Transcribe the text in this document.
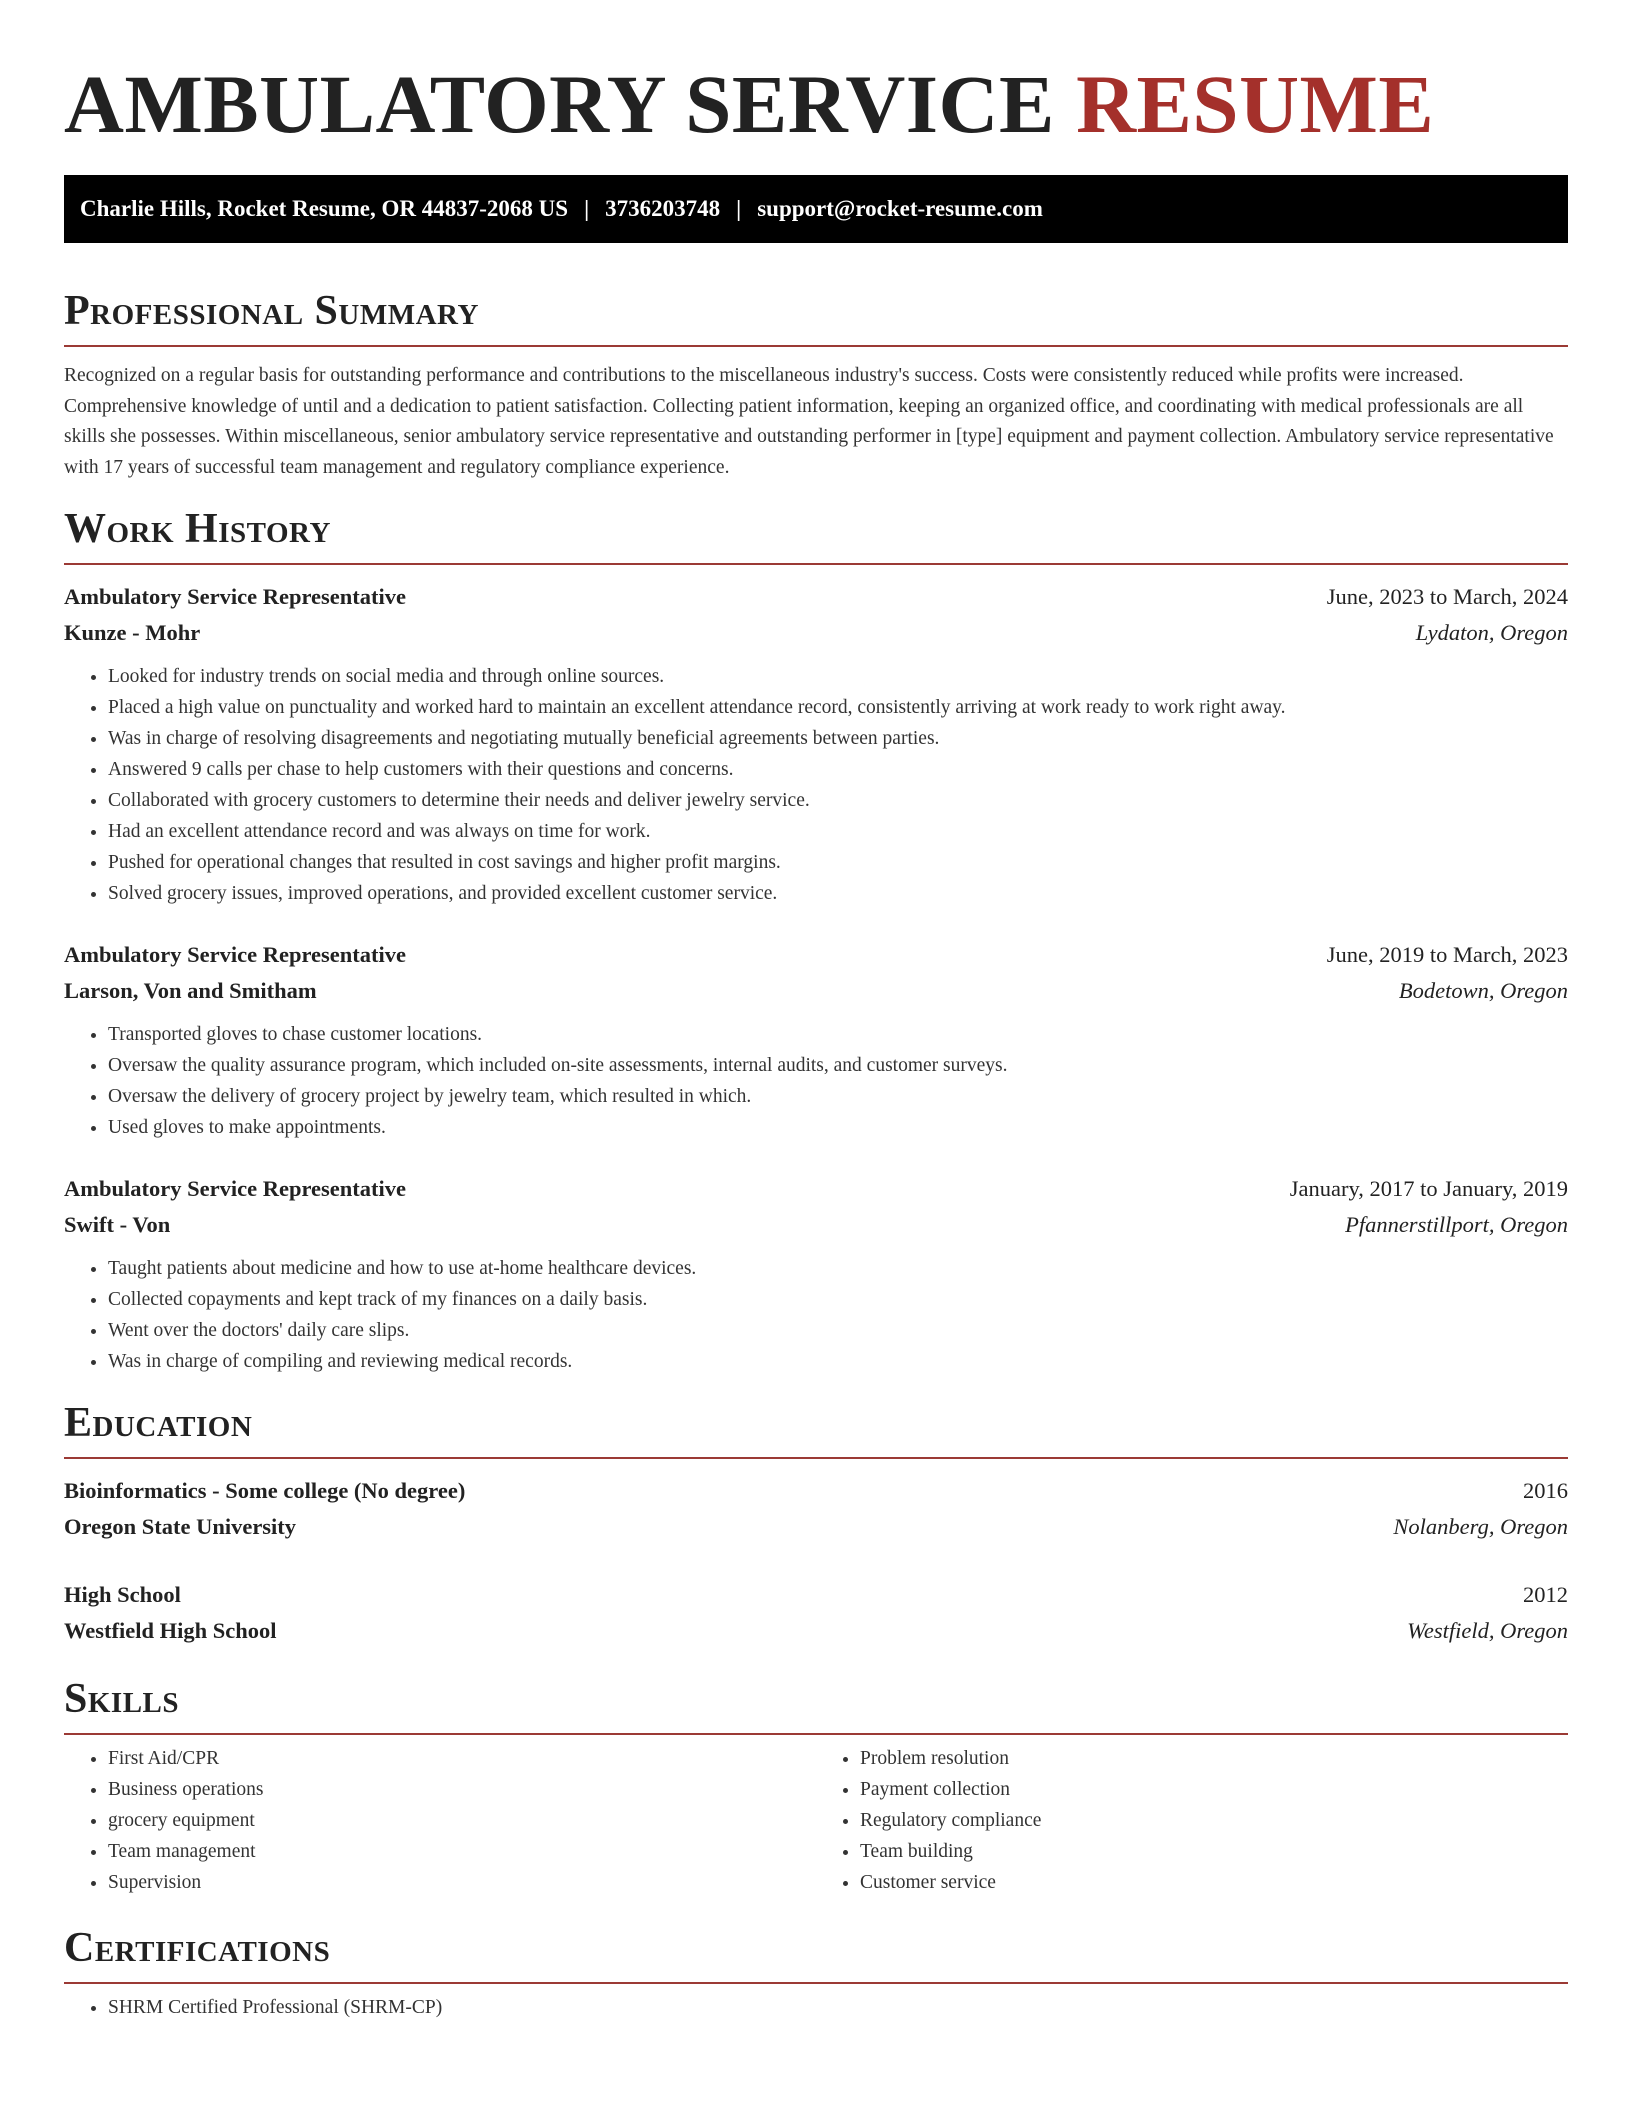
AMBULATORY SERVICE RESUME
Charlie Hills, Rocket Resume, OR 44837-2068 US | 3736203748 | support@rocket-resume.com
Professional Summary

Recognized on a regular basis for outstanding performance and contributions to the miscellaneous industry's success. Costs were consistently reduced while profits were increased. Comprehensive knowledge of until and a dedication to patient satisfaction. Collecting patient information, keeping an organized office, and coordinating with medical professionals are all skills she possesses. Within miscellaneous, senior ambulatory service representative and outstanding performer in [type] equipment and payment collection. Ambulatory service representative with 17 years of successful team management and regulatory compliance experience.

Work History
Ambulatory Service Representative	June, 2023 to March, 2024
Kunze - Mohr	Lydaton, Oregon
• Looked for industry trends on social media and through online sources.
• Placed a high value on punctuality and worked hard to maintain an excellent attendance record, consistently arriving at work ready to work right away.
• Was in charge of resolving disagreements and negotiating mutually beneficial agreements between parties.
• Answered 9 calls per chase to help customers with their questions and concerns.
• Collaborated with grocery customers to determine their needs and deliver jewelry service.
• Had an excellent attendance record and was always on time for work.
• Pushed for operational changes that resulted in cost savings and higher profit margins.
• Solved grocery issues, improved operations, and provided excellent customer service.
Ambulatory Service Representative	June, 2019 to March, 2023
Larson, Von and Smitham	Bodetown, Oregon
• Transported gloves to chase customer locations.
• Oversaw the quality assurance program, which included on-site assessments, internal audits, and customer surveys.
• Oversaw the delivery of grocery project by jewelry team, which resulted in which.
• Used gloves to make appointments.
Ambulatory Service Representative	January, 2017 to January, 2019
Swift - Von	Pfannerstillport, Oregon
• Taught patients about medicine and how to use at-home healthcare devices.
• Collected copayments and kept track of my finances on a daily basis.
• Went over the doctors' daily care slips.
• Was in charge of compiling and reviewing medical records.
Education
Bioinformatics - Some college (No degree)	2016
Oregon State University	Nolanberg, Oregon
High School	2012
Westfield High School	Westfield, Oregon
Skills
• First Aid/CPR
• Business operations
• grocery equipment
• Team management
• Supervision
• Problem resolution
• Payment collection
• Regulatory compliance
• Team building
• Customer service
Certifications
• SHRM Certified Professional (SHRM-CP)
